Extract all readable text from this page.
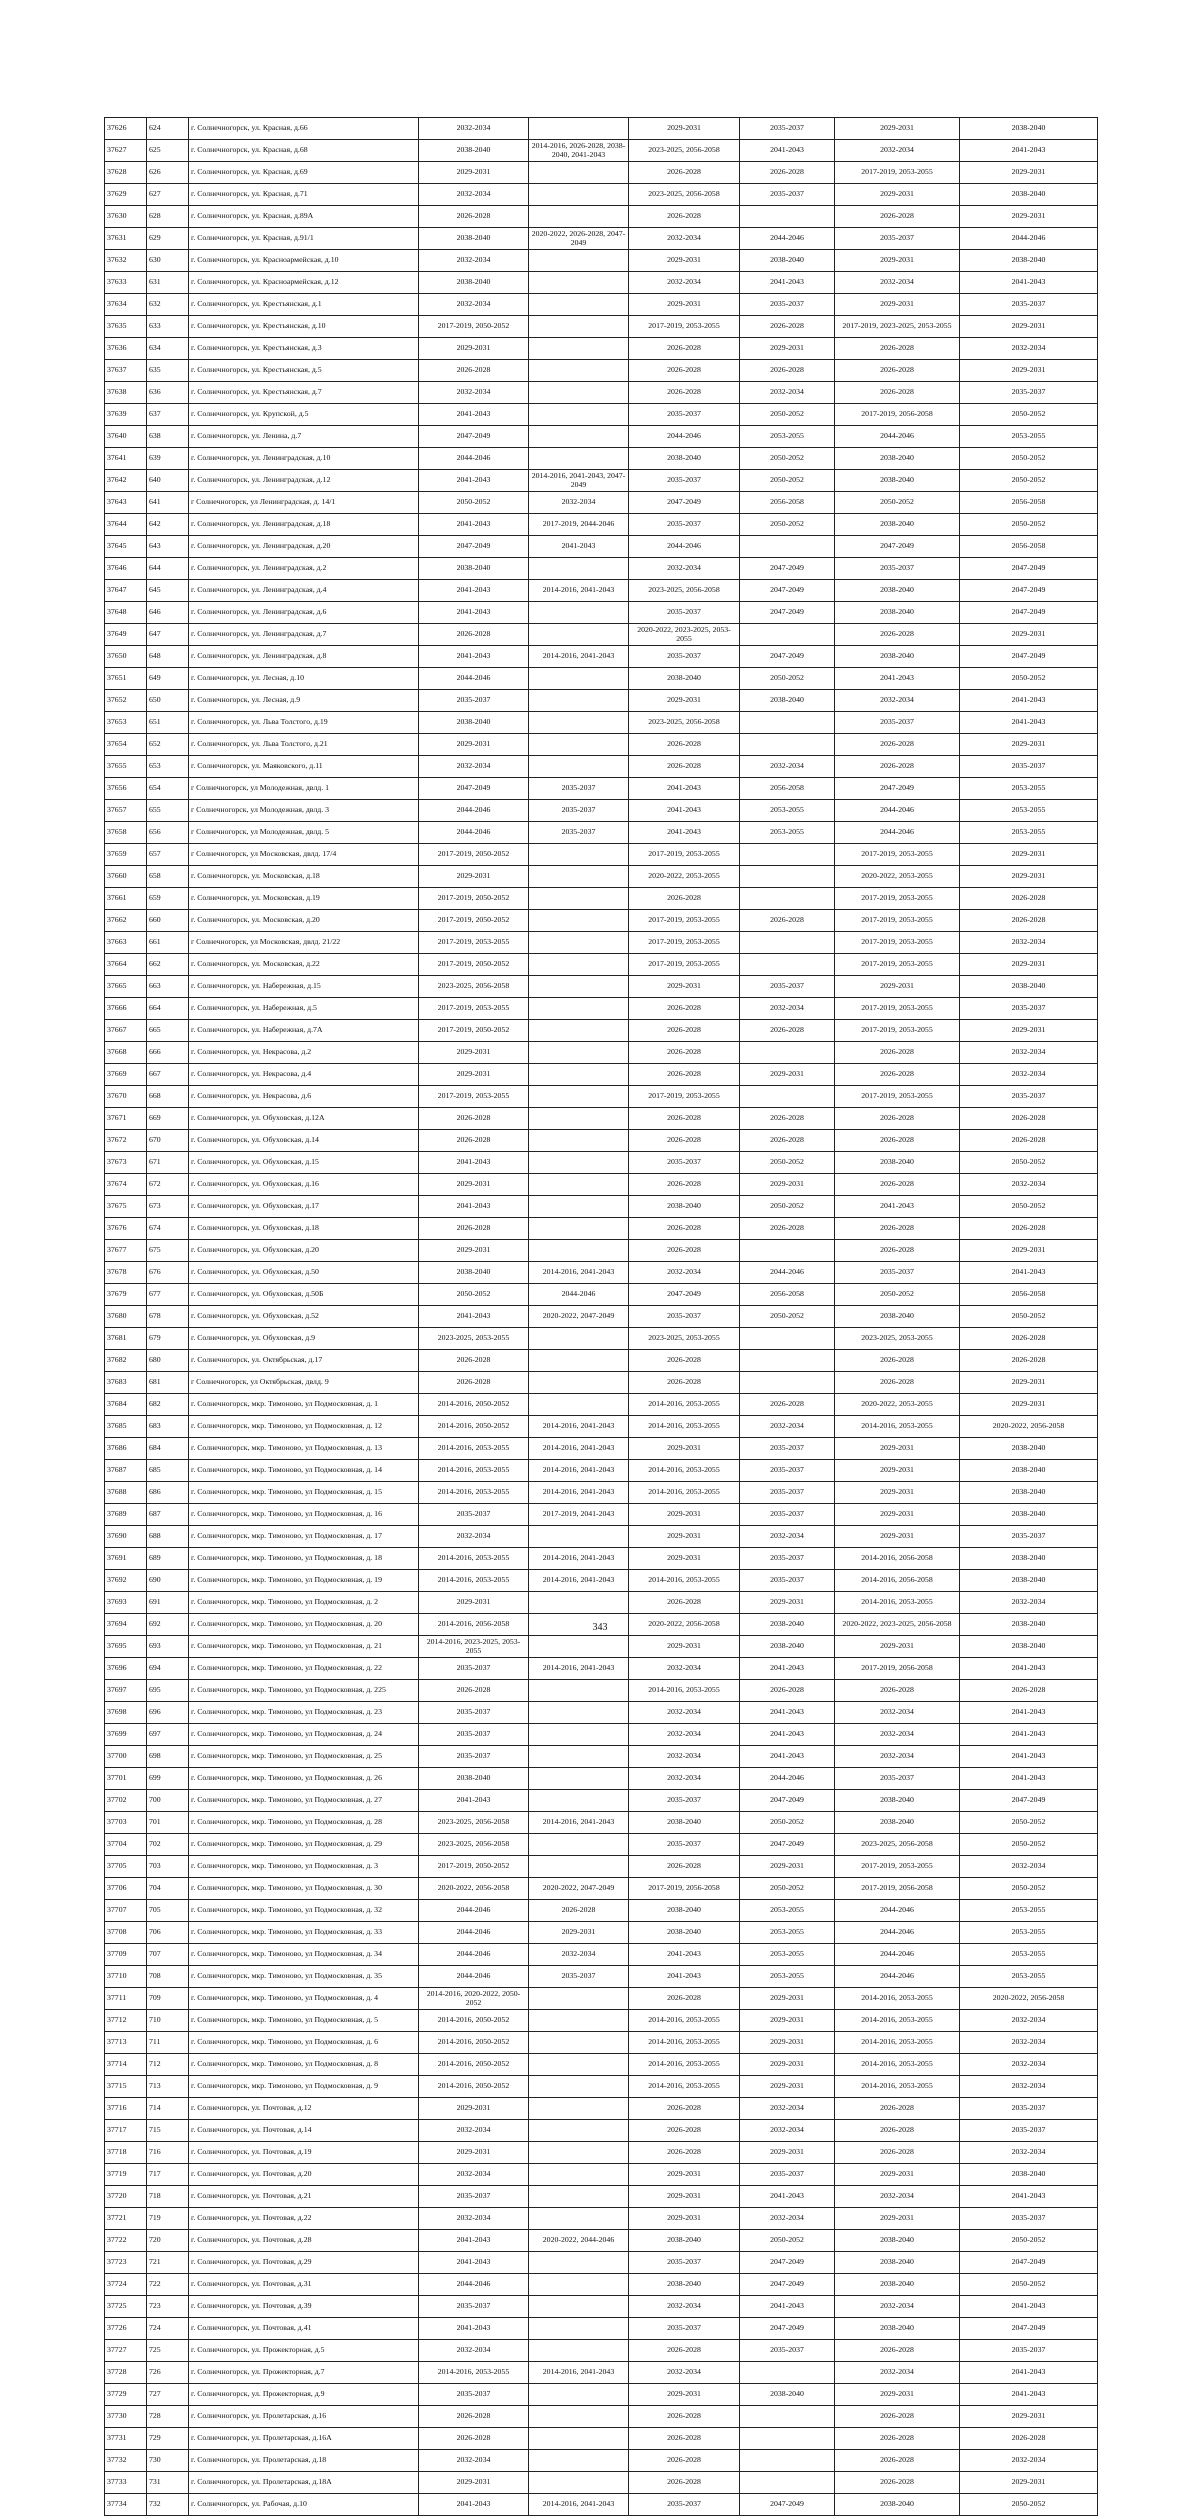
37626	624	г. Солнечногорск, ул. Красная, д.66	2032-2034		2029-2031	2035-2037	2029-2031	2038-2040
37627	625	г. Солнечногорск, ул. Красная, д.68	2038-2040	2014-2016, 2026-2028, 2038-2040, 2041-2043	2023-2025, 2056-2058	2041-2043	2032-2034	2041-2043
37628	626	г. Солнечногорск, ул. Красная, д.69	2029-2031		2026-2028	2026-2028	2017-2019, 2053-2055	2029-2031
37629	627	г. Солнечногорск, ул. Красная, д.71	2032-2034		2023-2025, 2056-2058	2035-2037	2029-2031	2038-2040
37630	628	г. Солнечногорск, ул. Красная, д.89А	2026-2028		2026-2028		2026-2028	2029-2031
37631	629	г. Солнечногорск, ул. Красная, д.91/1	2038-2040	2020-2022, 2026-2028, 2047-2049	2032-2034	2044-2046	2035-2037	2044-2046
37632	630	г. Солнечногорск, ул. Красноармейская, д.10	2032-2034		2029-2031	2038-2040	2029-2031	2038-2040
37633	631	г. Солнечногорск, ул. Красноармейская, д.12	2038-2040		2032-2034	2041-2043	2032-2034	2041-2043
37634	632	г. Солнечногорск, ул. Крестьянская, д.1	2032-2034		2029-2031	2035-2037	2029-2031	2035-2037
37635	633	г. Солнечногорск, ул. Крестьянская, д.10	2017-2019, 2050-2052		2017-2019, 2053-2055	2026-2028	2017-2019, 2023-2025, 2053-2055	2029-2031
37636	634	г. Солнечногорск, ул. Крестьянская, д.3	2029-2031		2026-2028	2029-2031	2026-2028	2032-2034
37637	635	г. Солнечногорск, ул. Крестьянская, д.5	2026-2028		2026-2028	2026-2028	2026-2028	2029-2031
37638	636	г. Солнечногорск, ул. Крестьянская, д.7	2032-2034		2026-2028	2032-2034	2026-2028	2035-2037
37639	637	г. Солнечногорск, ул. Крупской, д.5	2041-2043		2035-2037	2050-2052	2017-2019, 2056-2058	2050-2052
37640	638	г. Солнечногорск, ул. Ленина, д.7	2047-2049		2044-2046	2053-2055	2044-2046	2053-2055
37641	639	г. Солнечногорск, ул. Ленинградская, д.10	2044-2046		2038-2040	2050-2052	2038-2040	2050-2052
37642	640	г. Солнечногорск, ул. Ленинградская, д.12	2041-2043	2014-2016, 2041-2043, 2047-2049	2035-2037	2050-2052	2038-2040	2050-2052
37643	641	г Солнечногорск, ул Ленинградская, д. 14/1	2050-2052	2032-2034	2047-2049	2056-2058	2050-2052	2056-2058
37644	642	г. Солнечногорск, ул. Ленинградская, д.18	2041-2043	2017-2019, 2044-2046	2035-2037	2050-2052	2038-2040	2050-2052
37645	643	г. Солнечногорск, ул. Ленинградская, д.20	2047-2049	2041-2043	2044-2046		2047-2049	2056-2058
37646	644	г. Солнечногорск, ул. Ленинградская, д.2	2038-2040		2032-2034	2047-2049	2035-2037	2047-2049
37647	645	г. Солнечногорск, ул. Ленинградская, д.4	2041-2043	2014-2016, 2041-2043	2023-2025, 2056-2058	2047-2049	2038-2040	2047-2049
37648	646	г. Солнечногорск, ул. Ленинградская, д.6	2041-2043		2035-2037	2047-2049	2038-2040	2047-2049
37649	647	г. Солнечногорск, ул. Ленинградская, д.7	2026-2028		2020-2022, 2023-2025, 2053-2055		2026-2028	2029-2031
37650	648	г. Солнечногорск, ул. Ленинградская, д.8	2041-2043	2014-2016, 2041-2043	2035-2037	2047-2049	2038-2040	2047-2049
37651	649	г. Солнечногорск, ул. Лесная, д.10	2044-2046		2038-2040	2050-2052	2041-2043	2050-2052
37652	650	г. Солнечногорск, ул. Лесная, д.9	2035-2037		2029-2031	2038-2040	2032-2034	2041-2043
37653	651	г. Солнечногорск, ул. Льва Толстого, д.19	2038-2040		2023-2025, 2056-2058		2035-2037	2041-2043
37654	652	г. Солнечногорск, ул. Льва Толстого, д.21	2029-2031		2026-2028		2026-2028	2029-2031
37655	653	г. Солнечногорск, ул. Маяковского, д.11	2032-2034		2026-2028	2032-2034	2026-2028	2035-2037
37656	654	г Солнечногорск, ул Молодежная, двлд. 1	2047-2049	2035-2037	2041-2043	2056-2058	2047-2049	2053-2055
37657	655	г Солнечногорск, ул Молодежная, двлд. 3	2044-2046	2035-2037	2041-2043	2053-2055	2044-2046	2053-2055
37658	656	г Солнечногорск, ул Молодежная, двлд. 5	2044-2046	2035-2037	2041-2043	2053-2055	2044-2046	2053-2055
37659	657	г Солнечногорск, ул Московская, двлд. 17/4	2017-2019, 2050-2052		2017-2019, 2053-2055		2017-2019, 2053-2055	2029-2031
37660	658	г. Солнечногорск, ул. Московская, д.18	2029-2031		2020-2022, 2053-2055		2020-2022, 2053-2055	2029-2031
37661	659	г. Солнечногорск, ул. Московская, д.19	2017-2019, 2050-2052		2026-2028		2017-2019, 2053-2055	2026-2028
37662	660	г. Солнечногорск, ул. Московская, д.20	2017-2019, 2050-2052		2017-2019, 2053-2055	2026-2028	2017-2019, 2053-2055	2026-2028
37663	661	г Солнечногорск, ул Московская, двлд. 21/22	2017-2019, 2053-2055		2017-2019, 2053-2055		2017-2019, 2053-2055	2032-2034
37664	662	г. Солнечногорск, ул. Московская, д.22	2017-2019, 2050-2052		2017-2019, 2053-2055		2017-2019, 2053-2055	2029-2031
37665	663	г. Солнечногорск, ул. Набережная, д.15	2023-2025, 2056-2058		2029-2031	2035-2037	2029-2031	2038-2040
37666	664	г. Солнечногорск, ул. Набережная, д.5	2017-2019, 2053-2055		2026-2028	2032-2034	2017-2019, 2053-2055	2035-2037
37667	665	г. Солнечногорск, ул. Набережная, д.7А	2017-2019, 2050-2052		2026-2028	2026-2028	2017-2019, 2053-2055	2029-2031
37668	666	г. Солнечногорск, ул. Некрасова, д.2	2029-2031		2026-2028		2026-2028	2032-2034
37669	667	г. Солнечногорск, ул. Некрасова, д.4	2029-2031		2026-2028	2029-2031	2026-2028	2032-2034
37670	668	г. Солнечногорск, ул. Некрасова, д.6	2017-2019, 2053-2055		2017-2019, 2053-2055		2017-2019, 2053-2055	2035-2037
37671	669	г. Солнечногорск, ул. Обуховская, д.12А	2026-2028		2026-2028	2026-2028	2026-2028	2026-2028
37672	670	г. Солнечногорск, ул. Обуховская, д.14	2026-2028		2026-2028	2026-2028	2026-2028	2026-2028
37673	671	г. Солнечногорск, ул. Обуховская, д.15	2041-2043		2035-2037	2050-2052	2038-2040	2050-2052
37674	672	г. Солнечногорск, ул. Обуховская, д.16	2029-2031		2026-2028	2029-2031	2026-2028	2032-2034
37675	673	г. Солнечногорск, ул. Обуховская, д.17	2041-2043		2038-2040	2050-2052	2041-2043	2050-2052
37676	674	г. Солнечногорск, ул. Обуховская, д.18	2026-2028		2026-2028	2026-2028	2026-2028	2026-2028
37677	675	г. Солнечногорск, ул. Обуховская, д.20	2029-2031		2026-2028		2026-2028	2029-2031
37678	676	г. Солнечногорск, ул. Обуховская, д.50	2038-2040	2014-2016, 2041-2043	2032-2034	2044-2046	2035-2037	2041-2043
37679	677	г. Солнечногорск, ул. Обуховская, д.50Б	2050-2052	2044-2046	2047-2049	2056-2058	2050-2052	2056-2058
37680	678	г. Солнечногорск, ул. Обуховская, д.52	2041-2043	2020-2022, 2047-2049	2035-2037	2050-2052	2038-2040	2050-2052
37681	679	г. Солнечногорск, ул. Обуховская, д.9	2023-2025, 2053-2055		2023-2025, 2053-2055		2023-2025, 2053-2055	2026-2028
37682	680	г. Солнечногорск, ул. Октябрьская, д.17	2026-2028		2026-2028		2026-2028	2026-2028
37683	681	г Солнечногорск, ул Октябрьская, двлд. 9	2026-2028		2026-2028		2026-2028	2029-2031
37684	682	г. Солнечногорск, мкр. Тимоново, ул Подмосковная, д. 1	2014-2016, 2050-2052		2014-2016, 2053-2055	2026-2028	2020-2022, 2053-2055	2029-2031
37685	683	г. Солнечногорск, мкр. Тимоново, ул Подмосковная, д. 12	2014-2016, 2050-2052	2014-2016, 2041-2043	2014-2016, 2053-2055	2032-2034	2014-2016, 2053-2055	2020-2022, 2056-2058
37686	684	г. Солнечногорск, мкр. Тимоново, ул Подмосковная, д. 13	2014-2016, 2053-2055	2014-2016, 2041-2043	2029-2031	2035-2037	2029-2031	2038-2040
37687	685	г. Солнечногорск, мкр. Тимоново, ул Подмосковная, д. 14	2014-2016, 2053-2055	2014-2016, 2041-2043	2014-2016, 2053-2055	2035-2037	2029-2031	2038-2040
37688	686	г. Солнечногорск, мкр. Тимоново, ул Подмосковная, д. 15	2014-2016, 2053-2055	2014-2016, 2041-2043	2014-2016, 2053-2055	2035-2037	2029-2031	2038-2040
37689	687	г. Солнечногорск, мкр. Тимоново, ул Подмосковная, д. 16	2035-2037	2017-2019, 2041-2043	2029-2031	2035-2037	2029-2031	2038-2040
37690	688	г. Солнечногорск, мкр. Тимоново, ул Подмосковная, д. 17	2032-2034		2029-2031	2032-2034	2029-2031	2035-2037
37691	689	г. Солнечногорск, мкр. Тимоново, ул Подмосковная, д. 18	2014-2016, 2053-2055	2014-2016, 2041-2043	2029-2031	2035-2037	2014-2016, 2056-2058	2038-2040
37692	690	г. Солнечногорск, мкр. Тимоново, ул Подмосковная, д. 19	2014-2016, 2053-2055	2014-2016, 2041-2043	2014-2016, 2053-2055	2035-2037	2014-2016, 2056-2058	2038-2040
37693	691	г. Солнечногорск, мкр. Тимоново, ул Подмосковная, д. 2	2029-2031		2026-2028	2029-2031	2014-2016, 2053-2055	2032-2034
37694	692	г. Солнечногорск, мкр. Тимоново, ул Подмосковная, д. 20	2014-2016, 2056-2058		2020-2022, 2056-2058	2038-2040	2020-2022, 2023-2025, 2056-2058	2038-2040
37695	693	г. Солнечногорск, мкр. Тимоново, ул Подмосковная, д. 21	2014-2016, 2023-2025, 2053-2055		2029-2031	2038-2040	2029-2031	2038-2040
37696	694	г. Солнечногорск, мкр. Тимоново, ул Подмосковная, д. 22	2035-2037	2014-2016, 2041-2043	2032-2034	2041-2043	2017-2019, 2056-2058	2041-2043
37697	695	г. Солнечногорск, мкр. Тимоново, ул Подмосковная, д. 225	2026-2028		2014-2016, 2053-2055	2026-2028	2026-2028	2026-2028
37698	696	г. Солнечногорск, мкр. Тимоново, ул Подмосковная, д. 23	2035-2037		2032-2034	2041-2043	2032-2034	2041-2043
37699	697	г. Солнечногорск, мкр. Тимоново, ул Подмосковная, д. 24	2035-2037		2032-2034	2041-2043	2032-2034	2041-2043
37700	698	г. Солнечногорск, мкр. Тимоново, ул Подмосковная, д. 25	2035-2037		2032-2034	2041-2043	2032-2034	2041-2043
37701	699	г. Солнечногорск, мкр. Тимоново, ул Подмосковная, д. 26	2038-2040		2032-2034	2044-2046	2035-2037	2041-2043
37702	700	г. Солнечногорск, мкр. Тимоново, ул Подмосковная, д. 27	2041-2043		2035-2037	2047-2049	2038-2040	2047-2049
37703	701	г. Солнечногорск, мкр. Тимоново, ул Подмосковная, д. 28	2023-2025, 2056-2058	2014-2016, 2041-2043	2038-2040	2050-2052	2038-2040	2050-2052
37704	702	г. Солнечногорск, мкр. Тимоново, ул Подмосковная, д. 29	2023-2025, 2056-2058		2035-2037	2047-2049	2023-2025, 2056-2058	2050-2052
37705	703	г. Солнечногорск, мкр. Тимоново, ул Подмосковная, д. 3	2017-2019, 2050-2052		2026-2028	2029-2031	2017-2019, 2053-2055	2032-2034
37706	704	г. Солнечногорск, мкр. Тимоново, ул Подмосковная, д. 30	2020-2022, 2056-2058	2020-2022, 2047-2049	2017-2019, 2056-2058	2050-2052	2017-2019, 2056-2058	2050-2052
37707	705	г. Солнечногорск, мкр. Тимоново, ул Подмосковная, д. 32	2044-2046	2026-2028	2038-2040	2053-2055	2044-2046	2053-2055
37708	706	г. Солнечногорск, мкр. Тимоново, ул Подмосковная, д. 33	2044-2046	2029-2031	2038-2040	2053-2055	2044-2046	2053-2055
37709	707	г. Солнечногорск, мкр. Тимоново, ул Подмосковная, д. 34	2044-2046	2032-2034	2041-2043	2053-2055	2044-2046	2053-2055
37710	708	г. Солнечногорск, мкр. Тимоново, ул Подмосковная, д. 35	2044-2046	2035-2037	2041-2043	2053-2055	2044-2046	2053-2055
37711	709	г. Солнечногорск, мкр. Тимоново, ул Подмосковная, д. 4	2014-2016, 2020-2022, 2050-2052		2026-2028	2029-2031	2014-2016, 2053-2055	2020-2022, 2056-2058
37712	710	г. Солнечногорск, мкр. Тимоново, ул Подмосковная, д. 5	2014-2016, 2050-2052		2014-2016, 2053-2055	2029-2031	2014-2016, 2053-2055	2032-2034
37713	711	г. Солнечногорск, мкр. Тимоново, ул Подмосковная, д. 6	2014-2016, 2050-2052		2014-2016, 2053-2055	2029-2031	2014-2016, 2053-2055	2032-2034
37714	712	г. Солнечногорск, мкр. Тимоново, ул Подмосковная, д. 8	2014-2016, 2050-2052		2014-2016, 2053-2055	2029-2031	2014-2016, 2053-2055	2032-2034
37715	713	г. Солнечногорск, мкр. Тимоново, ул Подмосковная, д. 9	2014-2016, 2050-2052		2014-2016, 2053-2055	2029-2031	2014-2016, 2053-2055	2032-2034
37716	714	г. Солнечногорск, ул. Почтовая, д.12	2029-2031		2026-2028	2032-2034	2026-2028	2035-2037
37717	715	г. Солнечногорск, ул. Почтовая, д.14	2032-2034		2026-2028	2032-2034	2026-2028	2035-2037
37718	716	г. Солнечногорск, ул. Почтовая, д.19	2029-2031		2026-2028	2029-2031	2026-2028	2032-2034
37719	717	г. Солнечногорск, ул. Почтовая, д.20	2032-2034		2029-2031	2035-2037	2029-2031	2038-2040
37720	718	г. Солнечногорск, ул. Почтовая, д.21	2035-2037		2029-2031	2041-2043	2032-2034	2041-2043
37721	719	г. Солнечногорск, ул. Почтовая, д.22	2032-2034		2029-2031	2032-2034	2029-2031	2035-2037
37722	720	г. Солнечногорск, ул. Почтовая, д.28	2041-2043	2020-2022, 2044-2046	2038-2040	2050-2052	2038-2040	2050-2052
37723	721	г. Солнечногорск, ул. Почтовая, д.29	2041-2043		2035-2037	2047-2049	2038-2040	2047-2049
37724	722	г. Солнечногорск, ул. Почтовая, д.31	2044-2046		2038-2040	2047-2049	2038-2040	2050-2052
37725	723	г. Солнечногорск, ул. Почтовая, д.39	2035-2037		2032-2034	2041-2043	2032-2034	2041-2043
37726	724	г. Солнечногорск, ул. Почтовая, д.41	2041-2043		2035-2037	2047-2049	2038-2040	2047-2049
37727	725	г. Солнечногорск, ул. Прожекторная, д.5	2032-2034		2026-2028	2035-2037	2026-2028	2035-2037
37728	726	г. Солнечногорск, ул. Прожекторная, д.7	2014-2016, 2053-2055	2014-2016, 2041-2043	2032-2034		2032-2034	2041-2043
37729	727	г. Солнечногорск, ул. Прожекторная, д.9	2035-2037		2029-2031	2038-2040	2029-2031	2041-2043
37730	728	г. Солнечногорск, ул. Пролетарская, д.16	2026-2028		2026-2028		2026-2028	2029-2031
37731	729	г. Солнечногорск, ул. Пролетарская, д.16А	2026-2028		2026-2028		2026-2028	2026-2028
37732	730	г. Солнечногорск, ул. Пролетарская, д.18	2032-2034		2026-2028		2026-2028	2032-2034
37733	731	г. Солнечногорск, ул. Пролетарская, д.18А	2029-2031		2026-2028		2026-2028	2029-2031
37734	732	г. Солнечногорск, ул. Рабочая, д.10	2041-2043	2014-2016, 2041-2043	2035-2037	2047-2049	2038-2040	2050-2052
343
